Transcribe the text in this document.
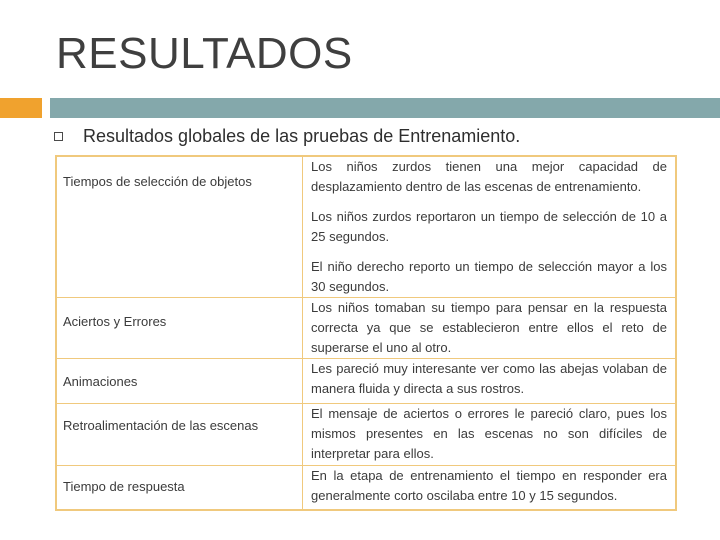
RESULTADOS
Resultados globales de las pruebas de Entrenamiento.
Tiempos de selección de objetos	Los niños zurdos tienen una mejor capacidad de desplazamiento dentro de las escenas de entrenamiento.

Los niños zurdos reportaron un tiempo de selección de 10 a 25 segundos.

El niño derecho reporto un tiempo de selección mayor a los 30 segundos.

Aciertos y Errores	Los niños tomaban su tiempo para pensar en la respuesta correcta ya que se establecieron entre ellos el reto de superarse el uno al otro.

Animaciones	Les pareció muy interesante ver como las abejas volaban de manera fluida y directa a sus rostros.

Retroalimentación de las escenas	El mensaje de aciertos o errores le pareció claro, pues los mismos presentes en las escenas no son difíciles de interpretar para ellos.

Tiempo de respuesta	En la etapa de entrenamiento el tiempo en responder era generalmente corto oscilaba entre 10 y 15 segundos.
